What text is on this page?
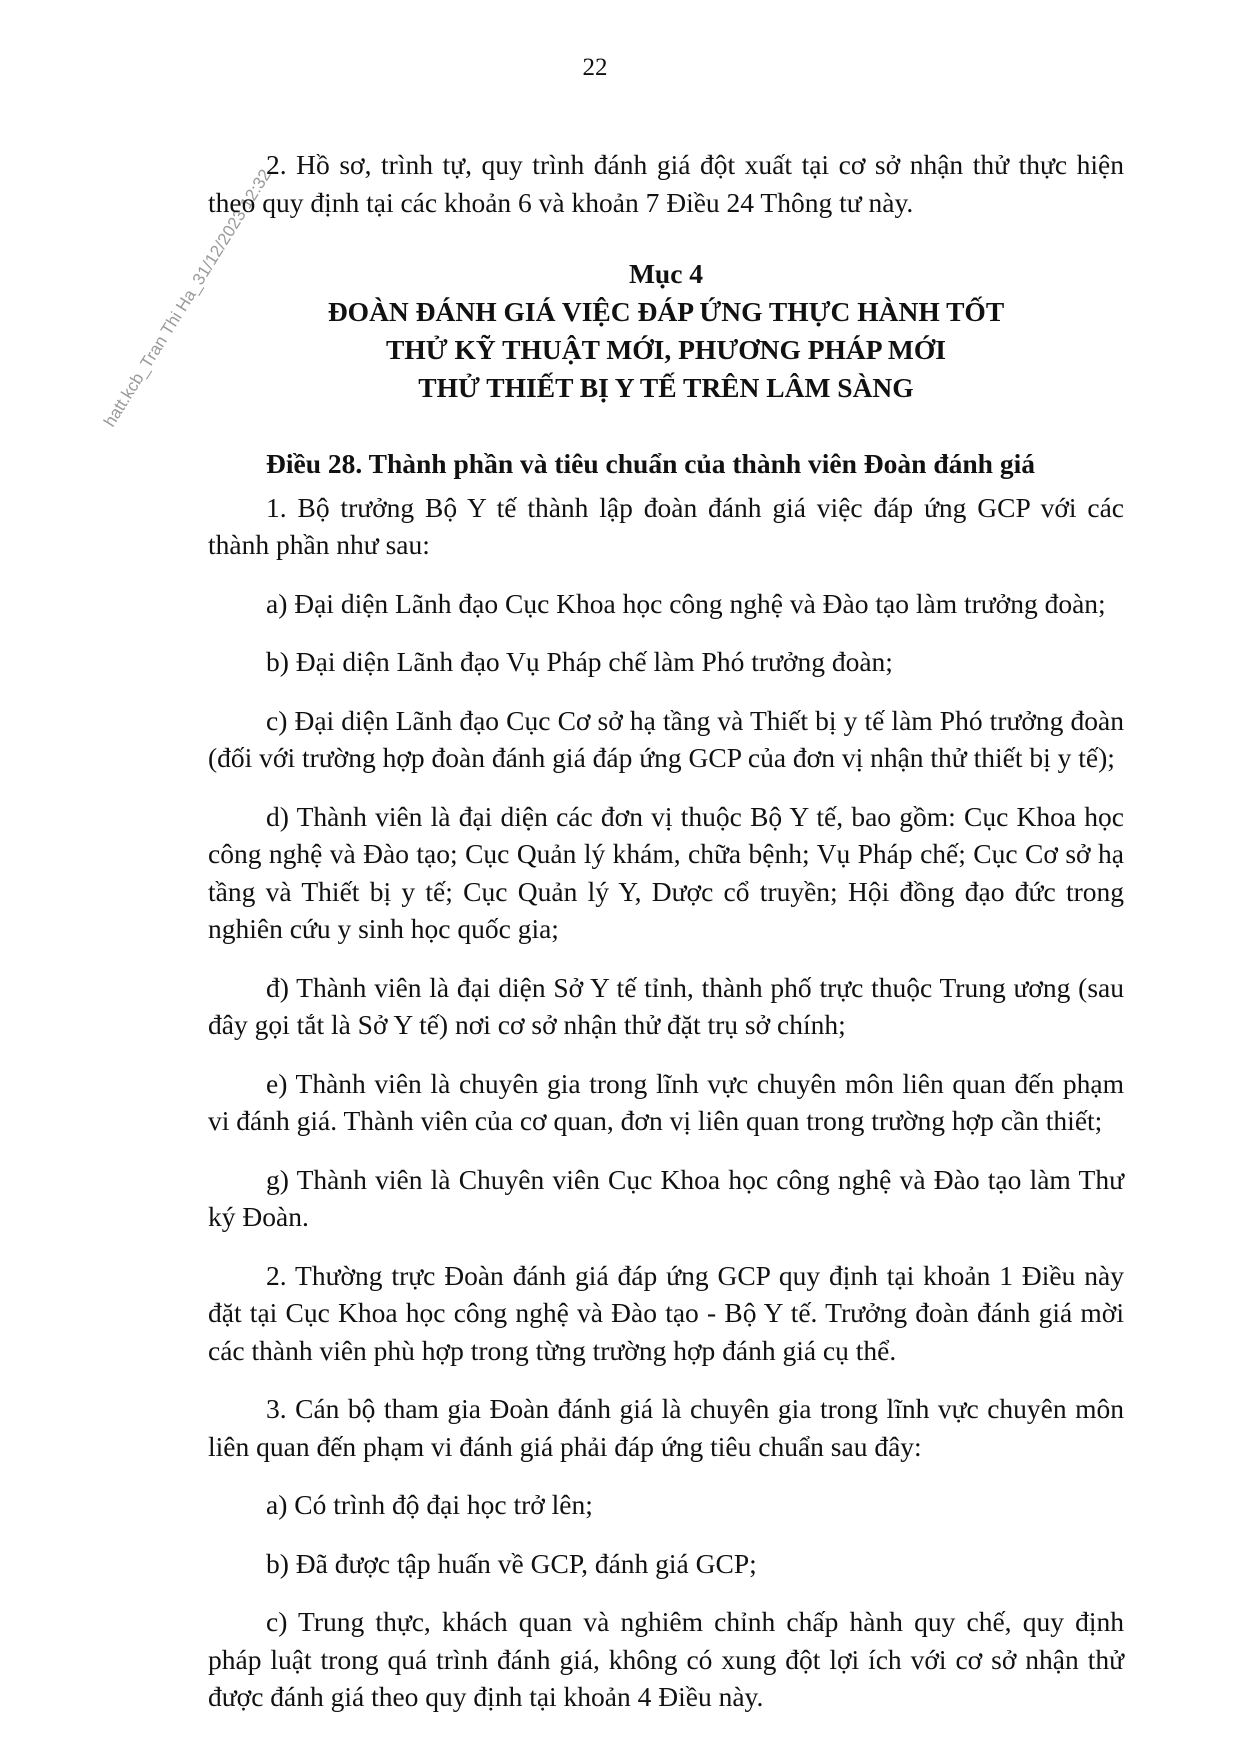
22
hatt.kcb_Tran Thi Ha_31/12/2023 12:32

2. Hồ sơ, trình tự, quy trình đánh giá đột xuất tại cơ sở nhận thử thực hiện theo quy định tại các khoản 6 và khoản 7 Điều 24 Thông tư này.

Mục 4
ĐOÀN ĐÁNH GIÁ VIỆC ĐÁP ỨNG THỰC HÀNH TỐT
THỬ KỸ THUẬT MỚI, PHƯƠNG PHÁP MỚI
THỬ THIẾT BỊ Y TẾ TRÊN LÂM SÀNG
Điều 28. Thành phần và tiêu chuẩn của thành viên Đoàn đánh giá

1. Bộ trưởng Bộ Y tế thành lập đoàn đánh giá việc đáp ứng GCP với các thành phần như sau:

a) Đại diện Lãnh đạo Cục Khoa học công nghệ và Đào tạo làm trưởng đoàn;

b) Đại diện Lãnh đạo Vụ Pháp chế làm Phó trưởng đoàn;

c) Đại diện Lãnh đạo Cục Cơ sở hạ tầng và Thiết bị y tế làm Phó trưởng đoàn (đối với trường hợp đoàn đánh giá đáp ứng GCP của đơn vị nhận thử thiết bị y tế);

d) Thành viên là đại diện các đơn vị thuộc Bộ Y tế, bao gồm: Cục Khoa học công nghệ và Đào tạo; Cục Quản lý khám, chữa bệnh; Vụ Pháp chế; Cục Cơ sở hạ tầng và Thiết bị y tế; Cục Quản lý Y, Dược cổ truyền; Hội đồng đạo đức trong nghiên cứu y sinh học quốc gia;

đ) Thành viên là đại diện Sở Y tế tỉnh, thành phố trực thuộc Trung ương (sau đây gọi tắt là Sở Y tế) nơi cơ sở nhận thử đặt trụ sở chính;

e) Thành viên là chuyên gia trong lĩnh vực chuyên môn liên quan đến phạm vi đánh giá. Thành viên của cơ quan, đơn vị liên quan trong trường hợp cần thiết;

g) Thành viên là Chuyên viên Cục Khoa học công nghệ và Đào tạo làm Thư ký Đoàn.

2. Thường trực Đoàn đánh giá đáp ứng GCP quy định tại khoản 1 Điều này đặt tại Cục Khoa học công nghệ và Đào tạo - Bộ Y tế. Trưởng đoàn đánh giá mời các thành viên phù hợp trong từng trường hợp đánh giá cụ thể.

3. Cán bộ tham gia Đoàn đánh giá là chuyên gia trong lĩnh vực chuyên môn liên quan đến phạm vi đánh giá phải đáp ứng tiêu chuẩn sau đây:

a) Có trình độ đại học trở lên;

b) Đã được tập huấn về GCP, đánh giá GCP;

c) Trung thực, khách quan và nghiêm chỉnh chấp hành quy chế, quy định pháp luật trong quá trình đánh giá, không có xung đột lợi ích với cơ sở nhận thử được đánh giá theo quy định tại khoản 4 Điều này.
